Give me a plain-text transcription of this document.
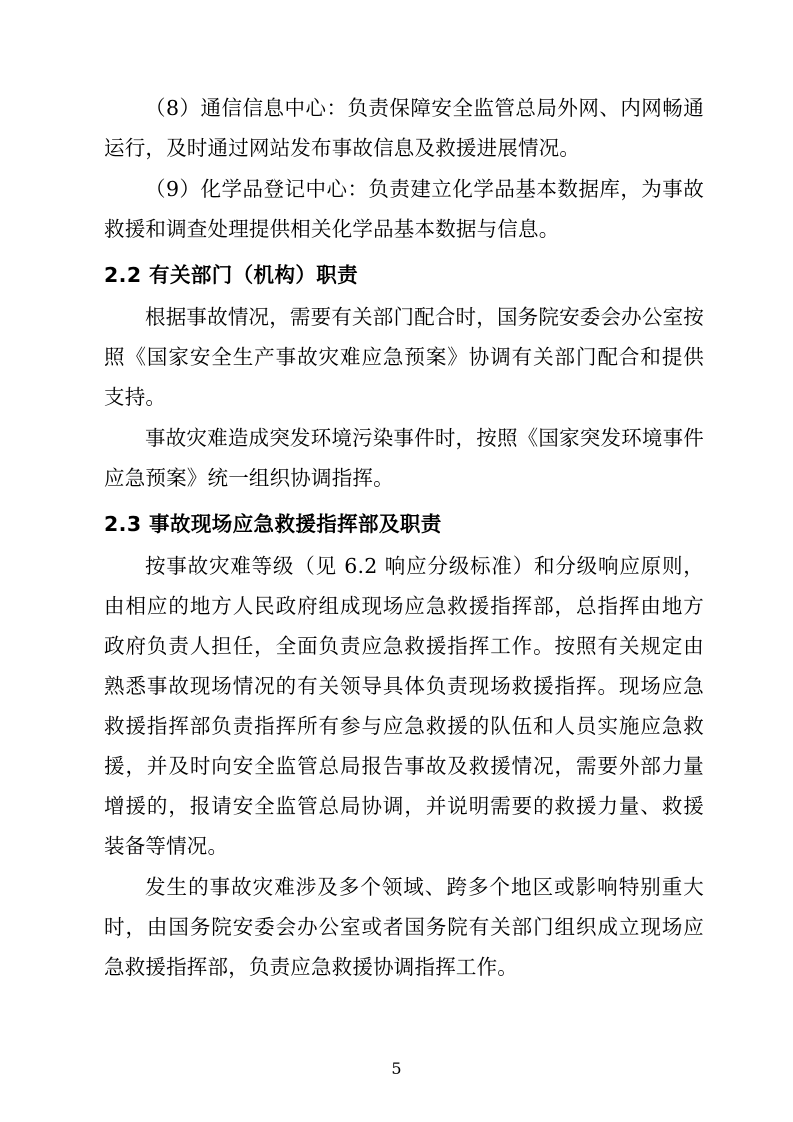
（8）通信信息中心：负责保障安全监管总局外网、内网畅通运行，及时通过网站发布事故信息及救援进展情况。

（9）化学品登记中心：负责建立化学品基本数据库，为事故救援和调查处理提供相关化学品基本数据与信息。

2.2 有关部门（机构）职责

根据事故情况，需要有关部门配合时，国务院安委会办公室按照《国家安全生产事故灾难应急预案》协调有关部门配合和提供支持。

事故灾难造成突发环境污染事件时，按照《国家突发环境事件应急预案》统一组织协调指挥。

2.3 事故现场应急救援指挥部及职责

按事故灾难等级（见 6.2 响应分级标准）和分级响应原则，由相应的地方人民政府组成现场应急救援指挥部，总指挥由地方政府负责人担任，全面负责应急救援指挥工作。按照有关规定由熟悉事故现场情况的有关领导具体负责现场救援指挥。现场应急救援指挥部负责指挥所有参与应急救援的队伍和人员实施应急救援，并及时向安全监管总局报告事故及救援情况，需要外部力量增援的，报请安全监管总局协调，并说明需要的救援力量、救援装备等情况。

发生的事故灾难涉及多个领域、跨多个地区或影响特别重大时，由国务院安委会办公室或者国务院有关部门组织成立现场应急救援指挥部，负责应急救援协调指挥工作。

5
